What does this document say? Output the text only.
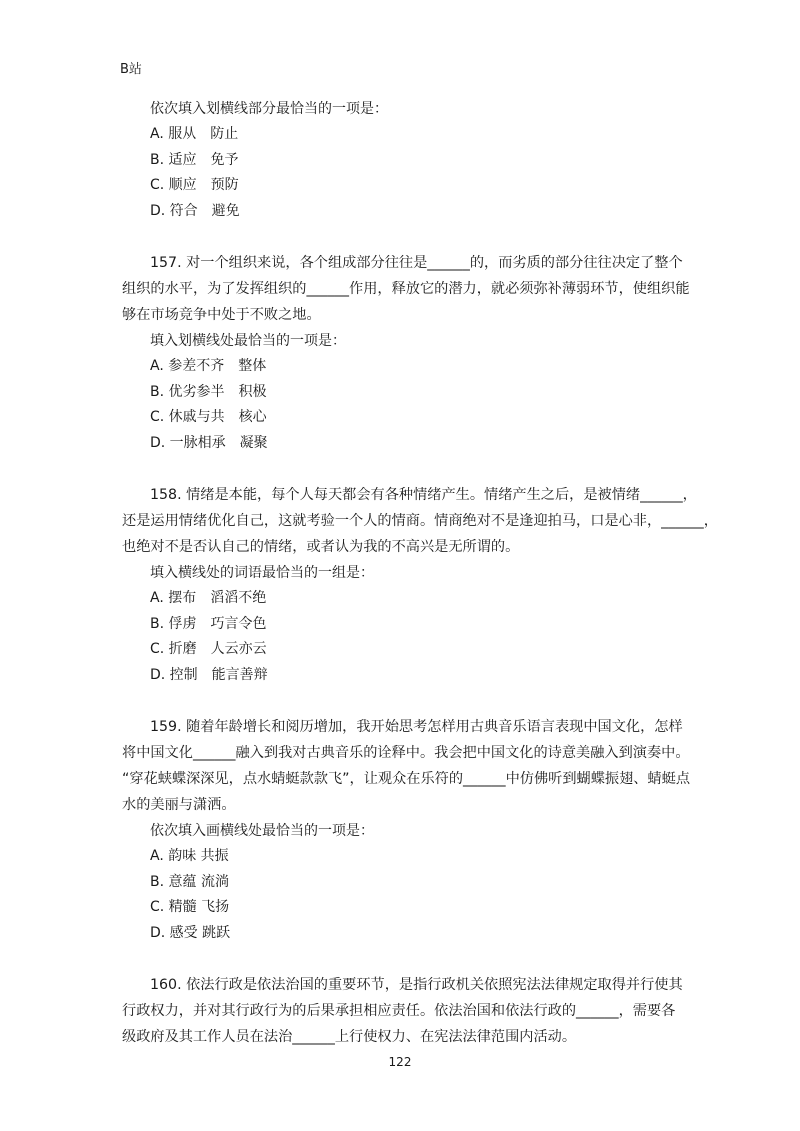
B站

依次填入划横线部分最恰当的一项是：

A. 服从　防止

B. 适应　免予

C. 顺应　预防

D. 符合　避免

157. 对一个组织来说，各个组成部分往往是______的，而劣质的部分往往决定了整个

组织的水平，为了发挥组织的______作用，释放它的潜力，就必须弥补薄弱环节，使组织能

够在市场竞争中处于不败之地。

填入划横线处最恰当的一项是：

A. 参差不齐　整体

B. 优劣参半　积极

C. 休戚与共　核心

D. 一脉相承　凝聚

158. 情绪是本能，每个人每天都会有各种情绪产生。情绪产生之后，是被情绪______，

还是运用情绪优化自己，这就考验一个人的情商。情商绝对不是逢迎拍马，口是心非，______，

也绝对不是否认自己的情绪，或者认为我的不高兴是无所谓的。

填入横线处的词语最恰当的一组是：

A. 摆布　滔滔不绝

B. 俘虏　巧言令色

C. 折磨　人云亦云

D. 控制　能言善辩

159. 随着年龄增长和阅历增加，我开始思考怎样用古典音乐语言表现中国文化，怎样

将中国文化______融入到我对古典音乐的诠释中。我会把中国文化的诗意美融入到演奏中。

“穿花蛱蝶深深见，点水蜻蜓款款飞”，让观众在乐符的______中仿佛听到蝴蝶振翅、蜻蜓点

水的美丽与潇洒。

依次填入画横线处最恰当的一项是：

A. 韵味 共振

B. 意蕴 流淌

C. 精髓 飞扬

D. 感受 跳跃

160. 依法行政是依法治国的重要环节，是指行政机关依照宪法法律规定取得并行使其

行政权力，并对其行政行为的后果承担相应责任。依法治国和依法行政的______，需要各

级政府及其工作人员在法治______上行使权力、在宪法法律范围内活动。

122
